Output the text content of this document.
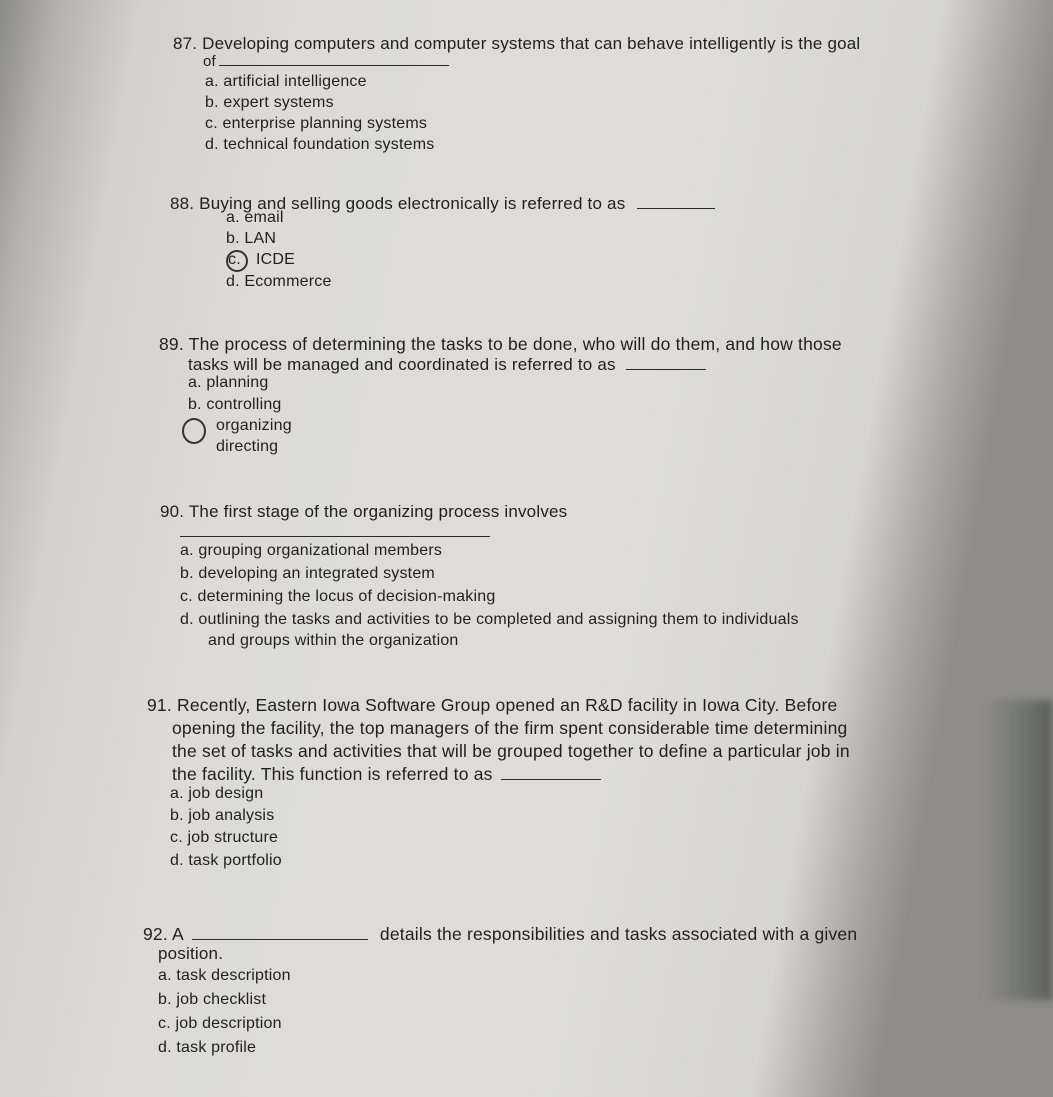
87. Developing computers and computer systems that can behave intelligently is the goal
of
a. artificial intelligence
b. expert systems
c. enterprise planning systems
d. technical foundation systems
88. Buying and selling goods electronically is referred to as
a. email
b. LAN
c. ICDE
d. Ecommerce
89. The process of determining the tasks to be done, who will do them, and how those
tasks will be managed and coordinated is referred to as
a. planning
b. controlling
organizing
directing
90. The first stage of the organizing process involves
a. grouping organizational members
b. developing an integrated system
c. determining the locus of decision-making
d. outlining the tasks and activities to be completed and assigning them to individuals
and groups within the organization
91. Recently, Eastern Iowa Software Group opened an R&D facility in Iowa City. Before
opening the facility, the top managers of the firm spent considerable time determining
the set of tasks and activities that will be grouped together to define a particular job in
the facility. This function is referred to as
a. job design
b. job analysis
c. job structure
d. task portfolio
92. A	details the responsibilities and tasks associated with a given
position.
a. task description
b. job checklist
c. job description
d. task profile
